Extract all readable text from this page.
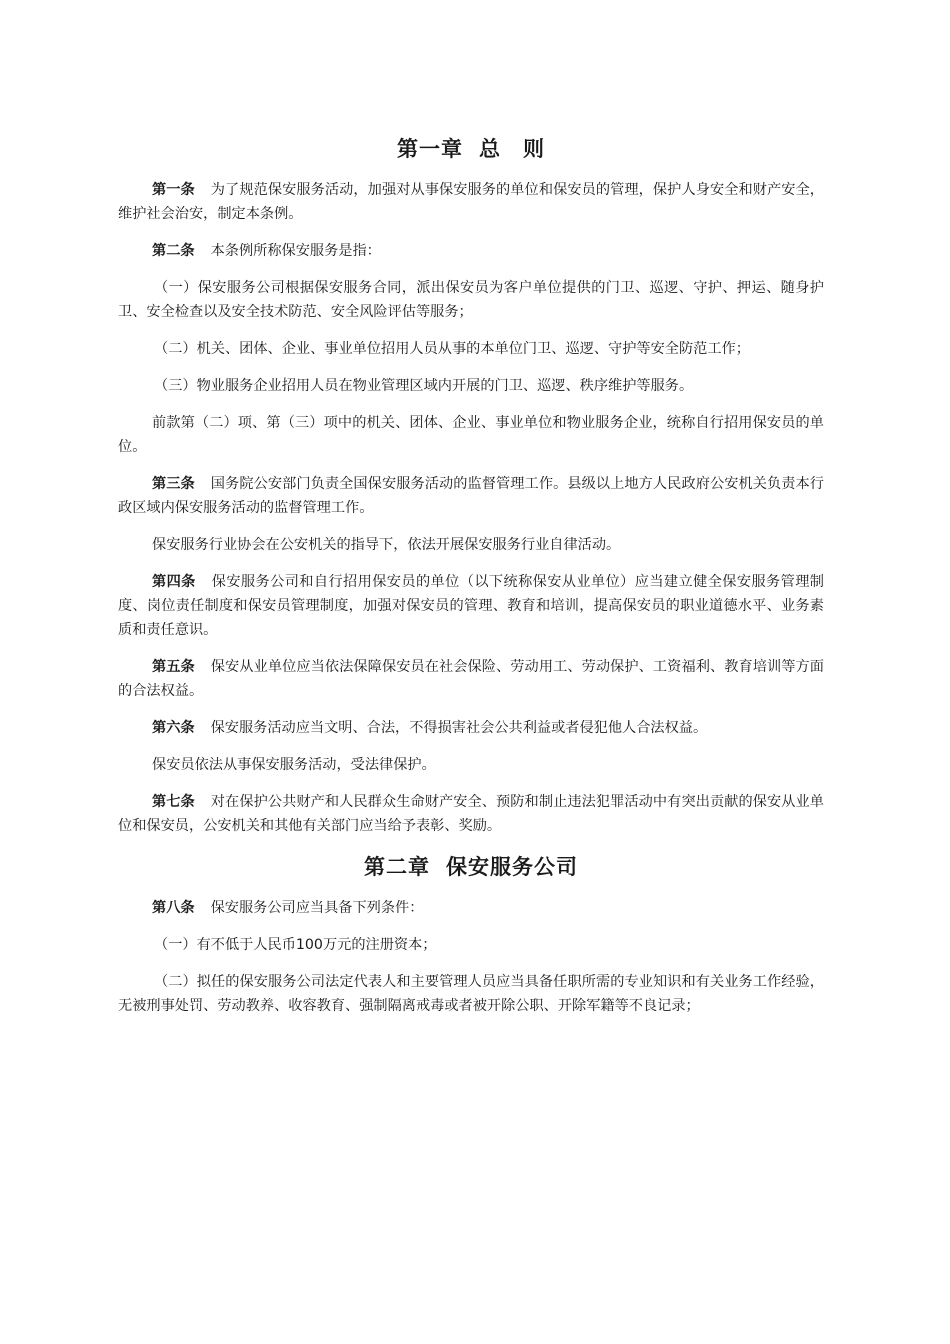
第一章 总　则

第一条 为了规范保安服务活动，加强对从事保安服务的单位和保安员的管理，保护人身安全和财产安全，维护社会治安，制定本条例。

第二条 本条例所称保安服务是指：

（一）保安服务公司根据保安服务合同，派出保安员为客户单位提供的门卫、巡逻、守护、押运、随身护卫、安全检查以及安全技术防范、安全风险评估等服务；

（二）机关、团体、企业、事业单位招用人员从事的本单位门卫、巡逻、守护等安全防范工作；

（三）物业服务企业招用人员在物业管理区域内开展的门卫、巡逻、秩序维护等服务。

前款第（二）项、第（三）项中的机关、团体、企业、事业单位和物业服务企业，统称自行招用保安员的单位。

第三条 国务院公安部门负责全国保安服务活动的监督管理工作。县级以上地方人民政府公安机关负责本行政区域内保安服务活动的监督管理工作。

保安服务行业协会在公安机关的指导下，依法开展保安服务行业自律活动。

第四条 保安服务公司和自行招用保安员的单位（以下统称保安从业单位）应当建立健全保安服务管理制度、岗位责任制度和保安员管理制度，加强对保安员的管理、教育和培训，提高保安员的职业道德水平、业务素质和责任意识。

第五条 保安从业单位应当依法保障保安员在社会保险、劳动用工、劳动保护、工资福利、教育培训等方面的合法权益。

第六条 保安服务活动应当文明、合法，不得损害社会公共利益或者侵犯他人合法权益。

保安员依法从事保安服务活动，受法律保护。

第七条 对在保护公共财产和人民群众生命财产安全、预防和制止违法犯罪活动中有突出贡献的保安从业单位和保安员，公安机关和其他有关部门应当给予表彰、奖励。

第二章 保安服务公司

第八条 保安服务公司应当具备下列条件：

（一）有不低于人民币100万元的注册资本；

（二）拟任的保安服务公司法定代表人和主要管理人员应当具备任职所需的专业知识和有关业务工作经验，无被刑事处罚、劳动教养、收容教育、强制隔离戒毒或者被开除公职、开除军籍等不良记录；
